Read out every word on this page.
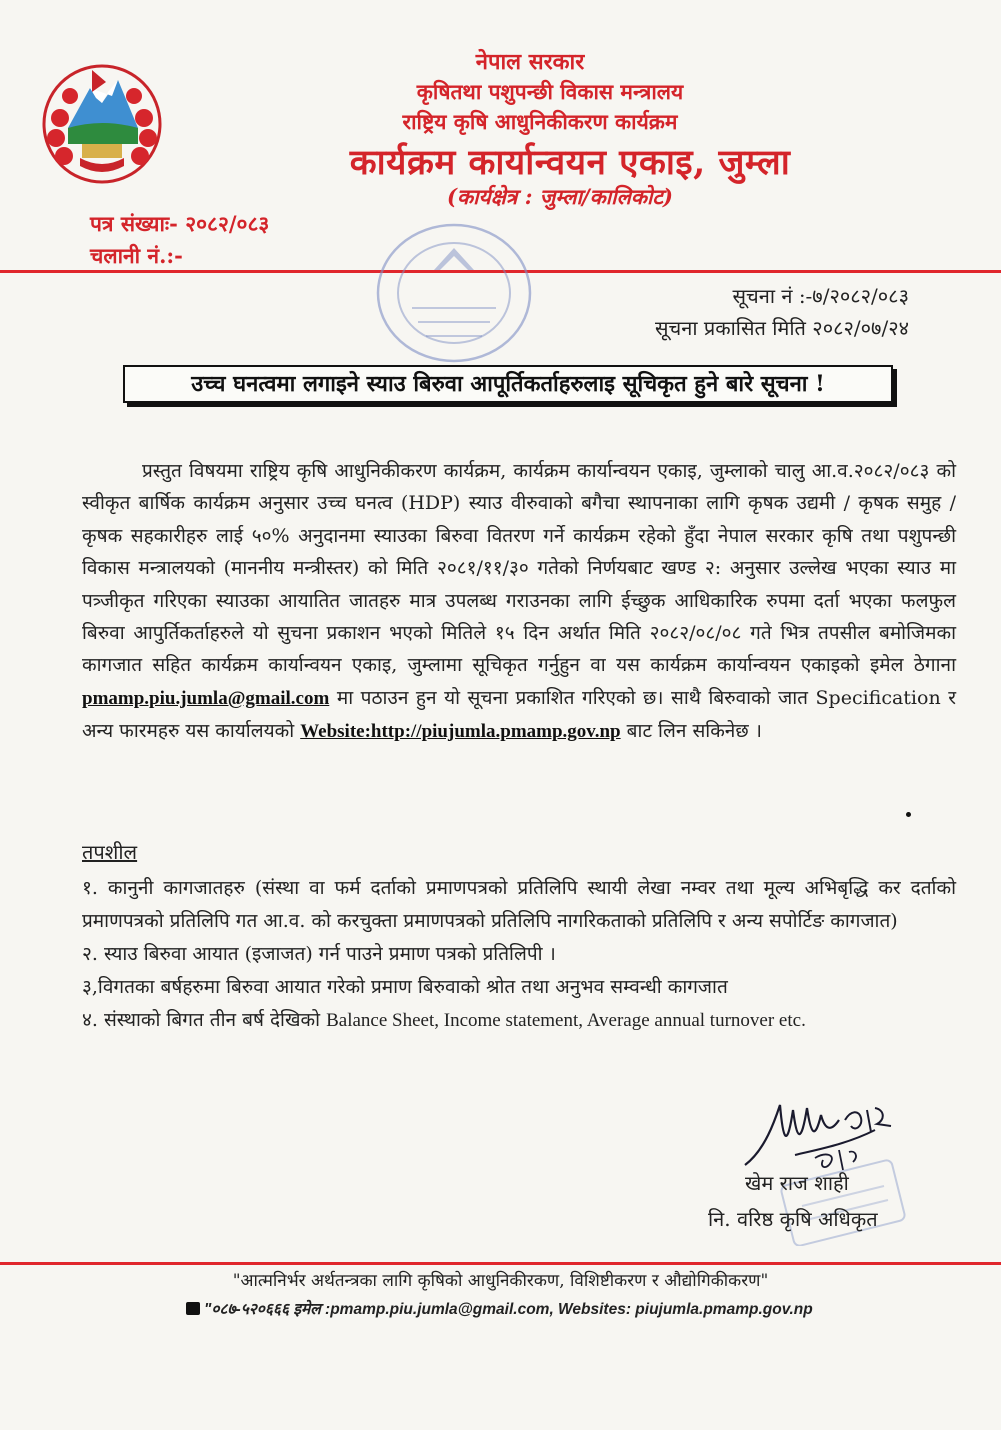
नेपाल सरकार
कृषितथा पशुपन्छी विकास मन्त्रालय
राष्ट्रिय कृषि आधुनिकीकरण कार्यक्रम
कार्यक्रम कार्यान्वयन एकाइ, जुम्ला
(कार्यक्षेत्र : जुम्ला/कालिकोट)
पत्र संख्याः- २०८२/०८३
चलानी नं.:-
सूचना नं :-७/२०८२/०८३
सूचना प्रकासित मिति २०८२/०७/२४
उच्च घनत्वमा लगाइने स्याउ बिरुवा आपूर्तिकर्ताहरुलाइ सूचिकृत हुने बारे सूचना !
प्रस्तुत विषयमा राष्ट्रिय कृषि आधुनिकीकरण कार्यक्रम, कार्यक्रम कार्यान्वयन एकाइ, जुम्लाको चालु आ.व.२०८२/०८३ को स्वीकृत बार्षिक कार्यक्रम अनुसार उच्च घनत्व (HDP) स्याउ वीरुवाको बगैचा स्थापनाका लागि कृषक उद्यमी / कृषक समुह / कृषक सहकारीहरु लाई ५०% अनुदानमा स्याउका बिरुवा वितरण गर्ने कार्यक्रम रहेको हुँदा नेपाल सरकार कृषि तथा पशुपन्छी विकास मन्त्रालयको (माननीय मन्त्रीस्तर) को मिति २०८१/११/३० गतेको निर्णयबाट खण्ड २: अनुसार उल्लेख भएका स्याउ मा पत्र्जीकृत गरिएका स्याउका आयातित जातहरु मात्र उपलब्ध गराउनका लागि ईच्छुक आधिकारिक रुपमा दर्ता भएका फलफुल बिरुवा आपुर्तिकर्ताहरुले यो सुचना प्रकाशन भएको मितिले १५ दिन अर्थात मिति २०८२/०८/०८ गते भित्र तपसील बमोजिमका कागजात सहित कार्यक्रम कार्यान्वयन एकाइ, जुम्लामा सूचिकृत गर्नुहुन वा यस कार्यक्रम कार्यान्वयन एकाइको इमेल ठेगाना pmamp.piu.jumla@gmail.com मा पठाउन हुन यो सूचना प्रकाशित गरिएको छ। साथै बिरुवाको जात Specification र अन्य फारमहरु यस कार्यालयको Website:http://piujumla.pmamp.gov.np बाट लिन सकिनेछ ।
तपशील

१. कानुनी कागजातहरु (संस्था वा फर्म दर्ताको प्रमाणपत्रको प्रतिलिपि स्थायी लेखा नम्वर तथा मूल्य अभिबृद्धि कर दर्ताको प्रमाणपत्रको प्रतिलिपि गत आ.व. को करचुक्ता प्रमाणपत्रको प्रतिलिपि नागरिकताको प्रतिलिपि र अन्य सपोर्टिङ कागजात)

२. स्याउ बिरुवा आयात (इजाजत) गर्न पाउने प्रमाण पत्रको प्रतिलिपी ।

३,विगतका बर्षहरुमा बिरुवा आयात गरेको प्रमाण बिरुवाको श्रोत तथा अनुभव सम्वन्धी कागजात

४. संस्थाको बिगत तीन बर्ष देखिको Balance Sheet, Income statement, Average annual turnover etc.

खेम राज शाही
नि. वरिष्ठ कृषि अधिकृत
"आत्मनिर्भर अर्थतन्त्रका लागि कृषिको आधुनिकीरकण, विशिष्टीकरण र औद्योगिकीकरण"
"०८७-५२०६६६ इमेल :pmamp.piu.jumla@gmail.com, Websites: piujumla.pmamp.gov.np
